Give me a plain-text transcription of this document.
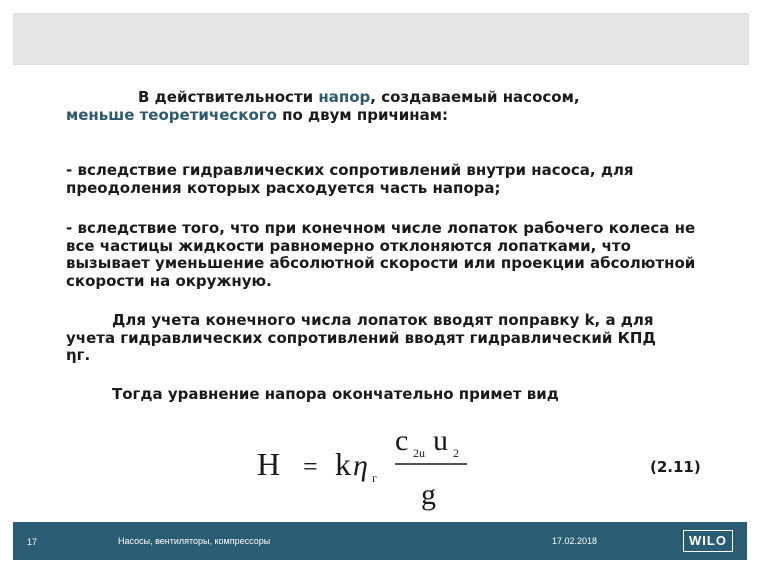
В действительности напор, создаваемый насосом,
меньше теоретического по двум причинам:

- вследствие гидравлических сопротивлений внутри насоса, для преодоления которых расходуется часть напора;

- вследствие того, что при конечном числе лопаток рабочего колеса не все частицы жидкости равномерно отклоняются лопатками, что вызывает уменьшение абсолютной скорости или проекции абсолютной скорости на окружную.

Для учета конечного числа лопаток вводят поправку k, а для
учета гидравлических сопротивлений вводят гидравлический КПД
ηг.

Тогда уравнение напора окончательно примет вид

H = k η г
c 2u u 2
g
(2.11)
17	Насосы, вентиляторы, компрессоры	17.02.2018	WILO
